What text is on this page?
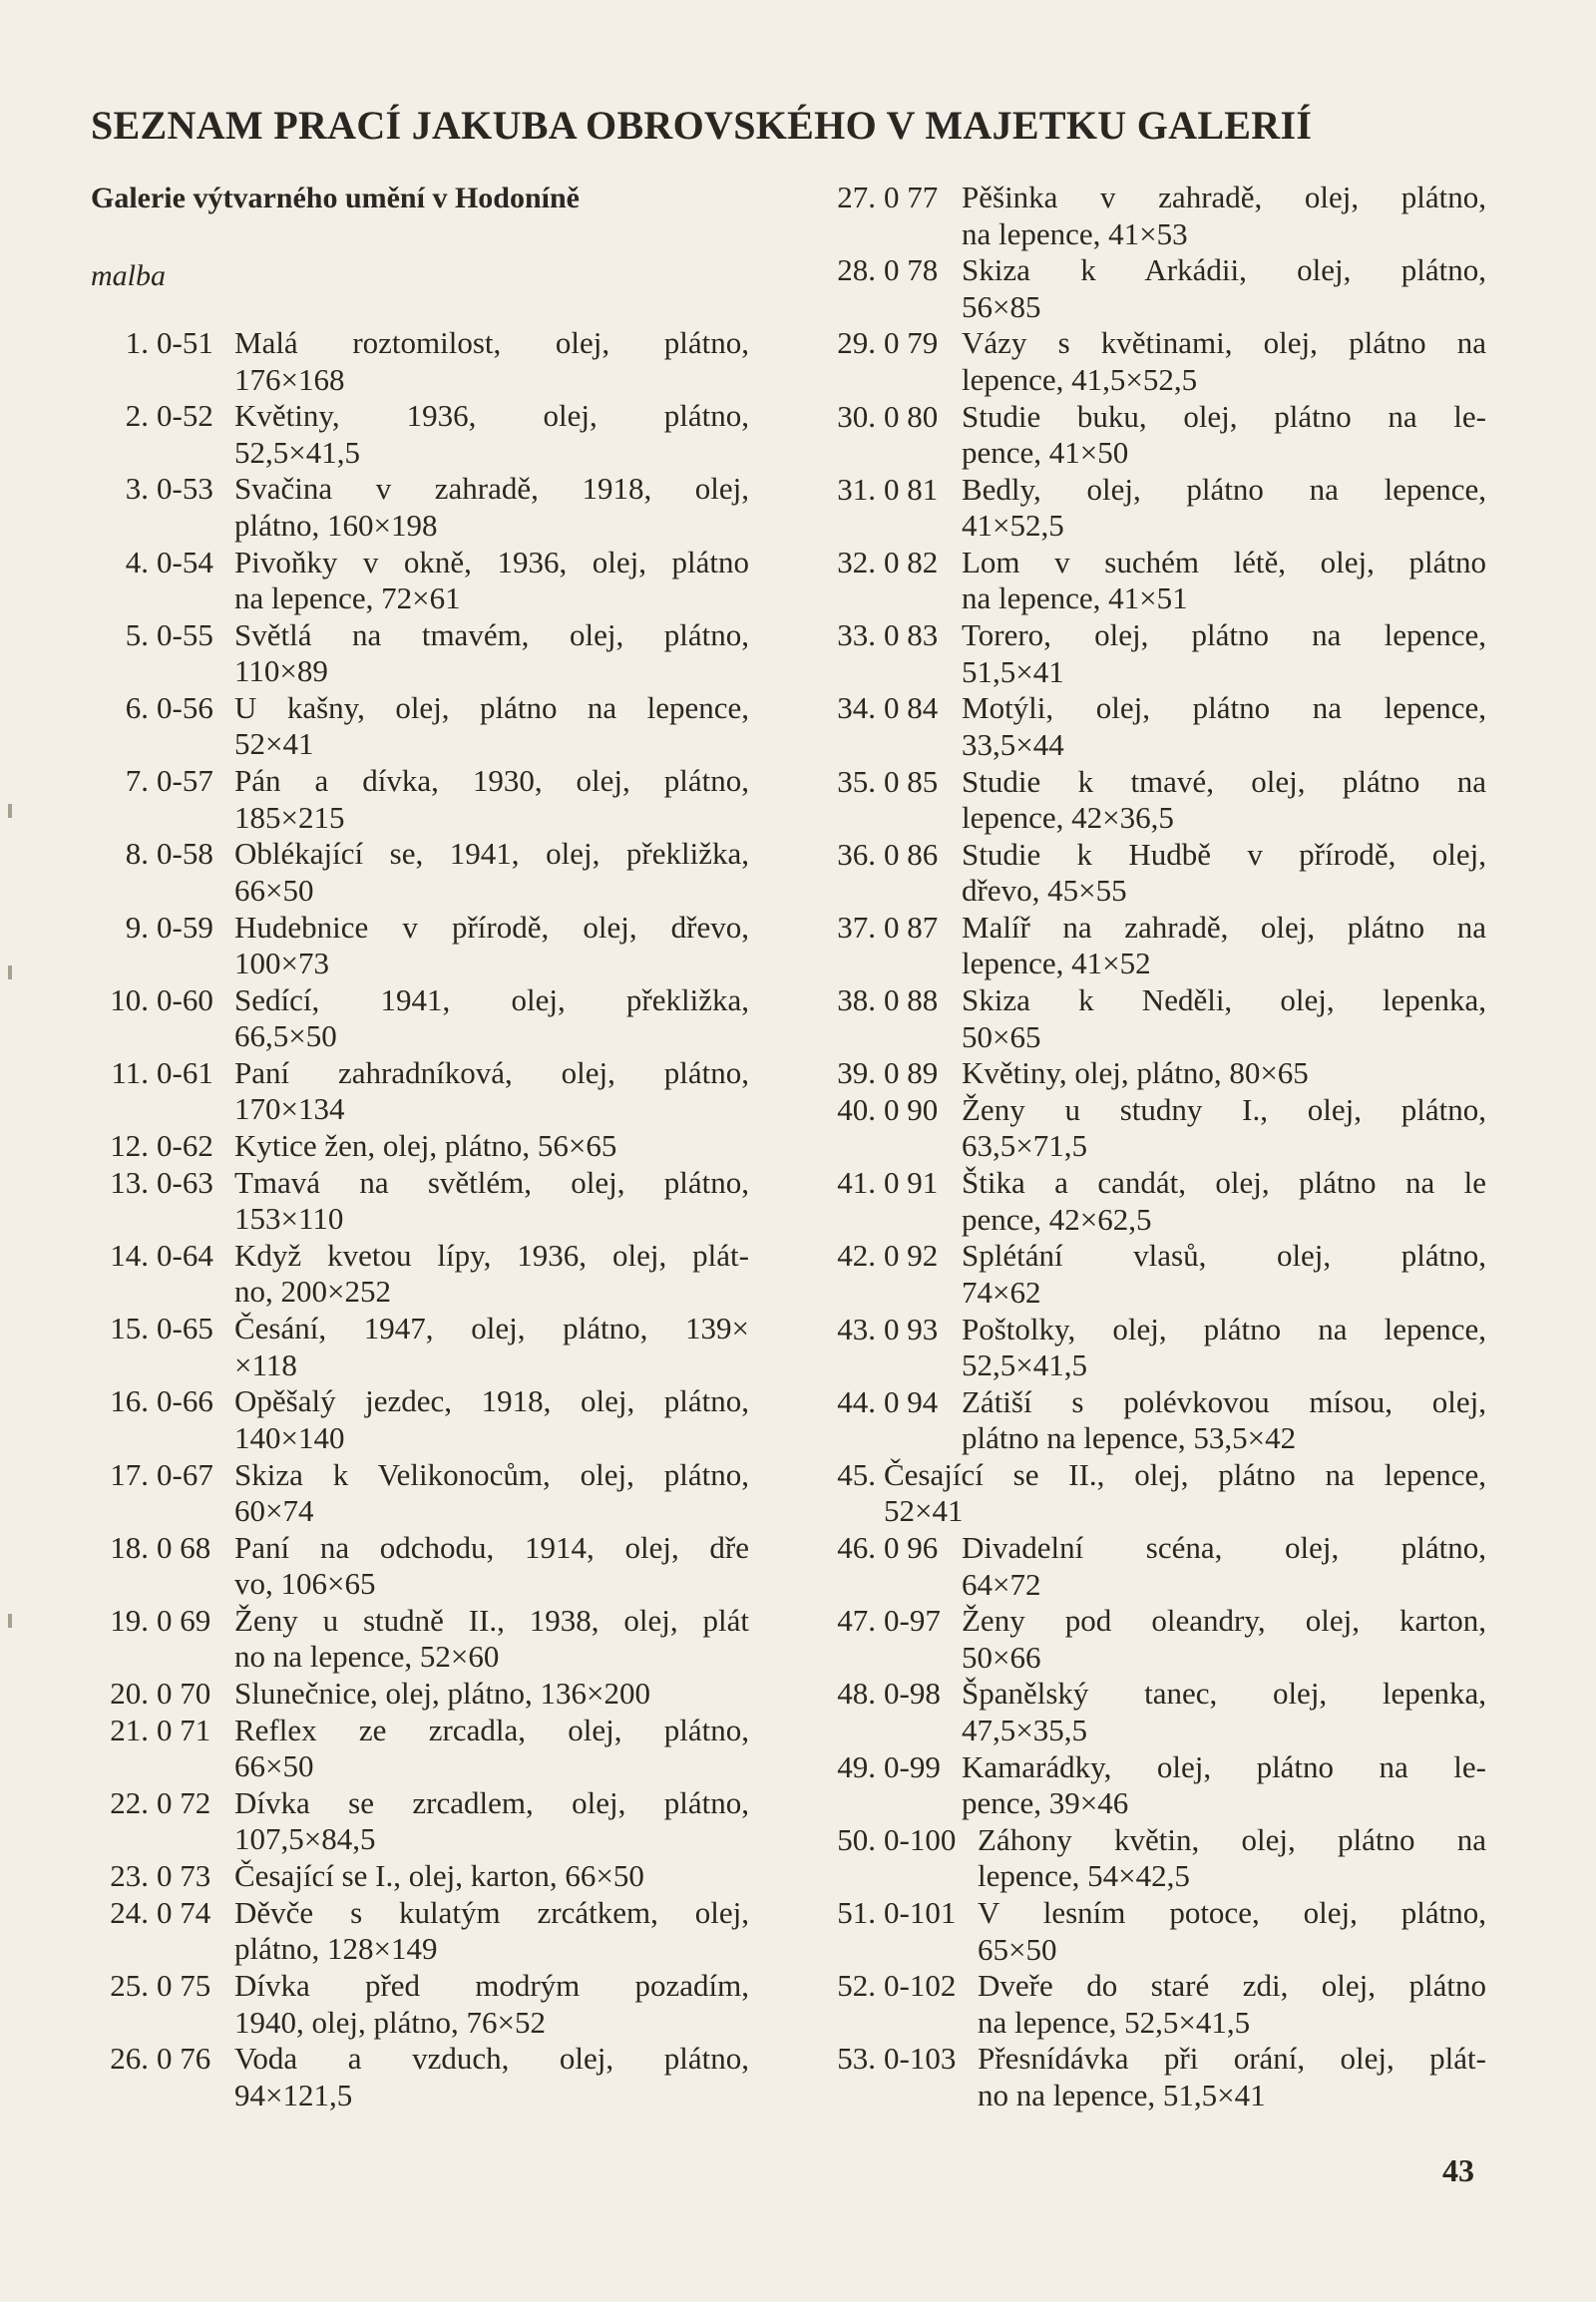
SEZNAM PRACÍ JAKUBA OBROVSKÉHO V MAJETKU GALERIÍ
Galerie výtvarného umění v Hodoníně
malba
1. 0-51 Malá roztomilost, olej, plátno,
176×168
2. 0-52 Květiny, 1936, olej, plátno,
52,5×41,5
3. 0-53 Svačina v zahradě, 1918, olej,
plátno, 160×198
4. 0-54 Pivoňky v okně, 1936, olej, plátno
na lepence, 72×61
5. 0-55 Světlá na tmavém, olej, plátno,
110×89
6. 0-56 U kašny, olej, plátno na lepence,
52×41
7. 0-57 Pán a dívka, 1930, olej, plátno,
185×215
8. 0-58 Oblékající se, 1941, olej, překližka,
66×50
9. 0-59 Hudebnice v přírodě, olej, dřevo,
100×73
10. 0-60 Sedící, 1941, olej, překližka,
66,5×50
11. 0-61 Paní zahradníková, olej, plátno,
170×134
12. 0-62 Kytice žen, olej, plátno, 56×65
13. 0-63 Tmavá na světlém, olej, plátno,
153×110
14. 0-64 Když kvetou lípy, 1936, olej, plát-
no, 200×252
15. 0-65 Česání, 1947, olej, plátno, 139×
×118
16. 0-66 Opěšalý jezdec, 1918, olej, plátno,
140×140
17. 0-67 Skiza k Velikonocům, olej, plátno,
60×74
18. 0 68 Paní na odchodu, 1914, olej, dře
vo, 106×65
19. 0 69 Ženy u studně II., 1938, olej, plát
no na lepence, 52×60
20. 0 70 Slunečnice, olej, plátno, 136×200
21. 0 71 Reflex ze zrcadla, olej, plátno,
66×50
22. 0 72 Dívka se zrcadlem, olej, plátno,
107,5×84,5
23. 0 73 Česající se I., olej, karton, 66×50
24. 0 74 Děvče s kulatým zrcátkem, olej,
plátno, 128×149
25. 0 75 Dívka před modrým pozadím,
1940, olej, plátno, 76×52
26. 0 76 Voda a vzduch, olej, plátno,
94×121,5
27. 0 77 Pěšinka v zahradě, olej, plátno,
na lepence, 41×53
28. 0 78 Skiza k Arkádii, olej, plátno,
56×85
29. 0 79 Vázy s květinami, olej, plátno na
lepence, 41,5×52,5
30. 0 80 Studie buku, olej, plátno na le-
pence, 41×50
31. 0 81 Bedly, olej, plátno na lepence,
41×52,5
32. 0 82 Lom v suchém létě, olej, plátno
na lepence, 41×51
33. 0 83 Torero, olej, plátno na lepence,
51,5×41
34. 0 84 Motýli, olej, plátno na lepence,
33,5×44
35. 0 85 Studie k tmavé, olej, plátno na
lepence, 42×36,5
36. 0 86 Studie k Hudbě v přírodě, olej,
dřevo, 45×55
37. 0 87 Malíř na zahradě, olej, plátno na
lepence, 41×52
38. 0 88 Skiza k Neděli, olej, lepenka,
50×65
39. 0 89 Květiny, olej, plátno, 80×65
40. 0 90 Ženy u studny I., olej, plátno,
63,5×71,5
41. 0 91 Štika a candát, olej, plátno na le
pence, 42×62,5
42. 0 92 Splétání vlasů, olej, plátno,
74×62
43. 0 93 Poštolky, olej, plátno na lepence,
52,5×41,5
44. 0 94 Zátiší s polévkovou mísou, olej,
plátno na lepence, 53,5×42
45. Česající se II., olej, plátno na lepence,
52×41
46. 0 96 Divadelní scéna, olej, plátno,
64×72
47. 0-97 Ženy pod oleandry, olej, karton,
50×66
48. 0-98 Španělský tanec, olej, lepenka,
47,5×35,5
49. 0-99 Kamarádky, olej, plátno na le-
pence, 39×46
50. 0-100 Záhony květin, olej, plátno na
lepence, 54×42,5
51. 0-101 V lesním potoce, olej, plátno,
65×50
52. 0-102 Dveře do staré zdi, olej, plátno
na lepence, 52,5×41,5
53. 0-103 Přesnídávka při orání, olej, plát-
no na lepence, 51,5×41
43
